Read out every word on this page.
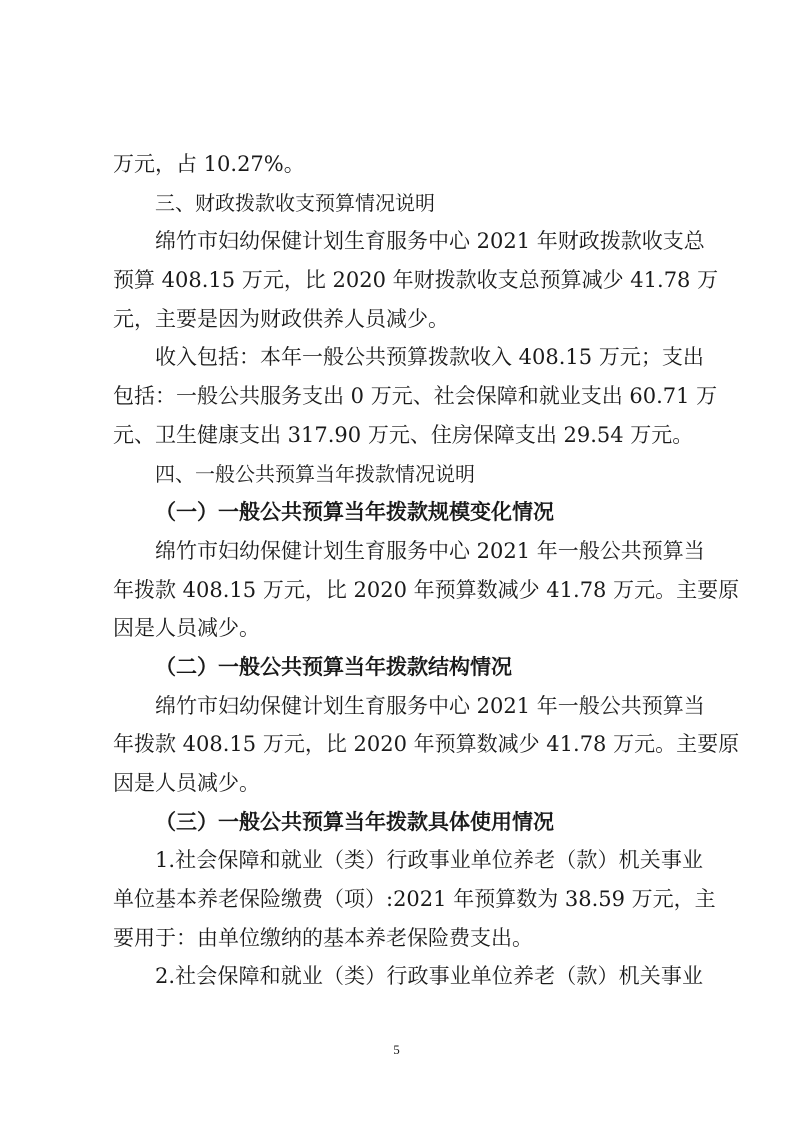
万元，占 10.27%。
三、财政拨款收支预算情况说明
绵竹市妇幼保健计划生育服务中心 2021 年财政拨款收支总
预算 408.15 万元，比 2020 年财拨款收支总预算减少 41.78 万
元，主要是因为财政供养人员减少。
收入包括：本年一般公共预算拨款收入 408.15 万元；支出
包括：一般公共服务支出 0 万元、社会保障和就业支出 60.71 万
元、卫生健康支出 317.90 万元、住房保障支出 29.54 万元。
四、一般公共预算当年拨款情况说明
（一）一般公共预算当年拨款规模变化情况
绵竹市妇幼保健计划生育服务中心 2021 年一般公共预算当
年拨款 408.15 万元，比 2020 年预算数减少 41.78 万元。主要原
因是人员减少。
（二）一般公共预算当年拨款结构情况
绵竹市妇幼保健计划生育服务中心 2021 年一般公共预算当
年拨款 408.15 万元，比 2020 年预算数减少 41.78 万元。主要原
因是人员减少。
（三）一般公共预算当年拨款具体使用情况
1.社会保障和就业（类）行政事业单位养老（款）机关事业
单位基本养老保险缴费（项）:2021 年预算数为 38.59 万元，主
要用于：由单位缴纳的基本养老保险费支出。
2.社会保障和就业（类）行政事业单位养老（款）机关事业
5
